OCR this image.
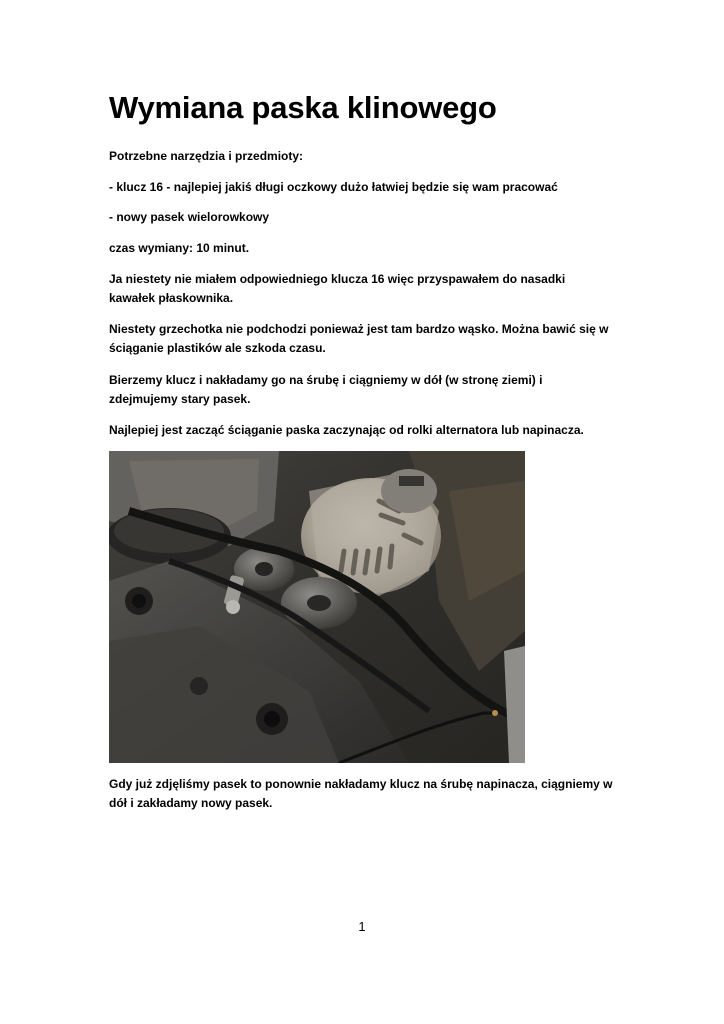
Wymiana paska klinowego

Potrzebne narzędzia i przedmioty:

- klucz 16 - najlepiej jakiś długi oczkowy dużo łatwiej będzie się wam pracować

- nowy pasek wielorowkowy

czas wymiany: 10 minut.

Ja niestety nie miałem odpowiedniego klucza 16 więc przyspawałem do nasadki kawałek płaskownika.

Niestety grzechotka nie podchodzi ponieważ jest tam bardzo wąsko. Można bawić się w ściąganie plastików ale szkoda czasu.

Bierzemy klucz i nakładamy go na śrubę i ciągniemy w dół (w stronę ziemi) i zdejmujemy stary pasek.

Najlepiej jest zacząć ściąganie paska zaczynając od rolki alternatora lub napinacza.

Gdy już zdjęliśmy pasek to ponownie nakładamy klucz na śrubę napinacza, ciągniemy w dół i zakładamy nowy pasek.

1
